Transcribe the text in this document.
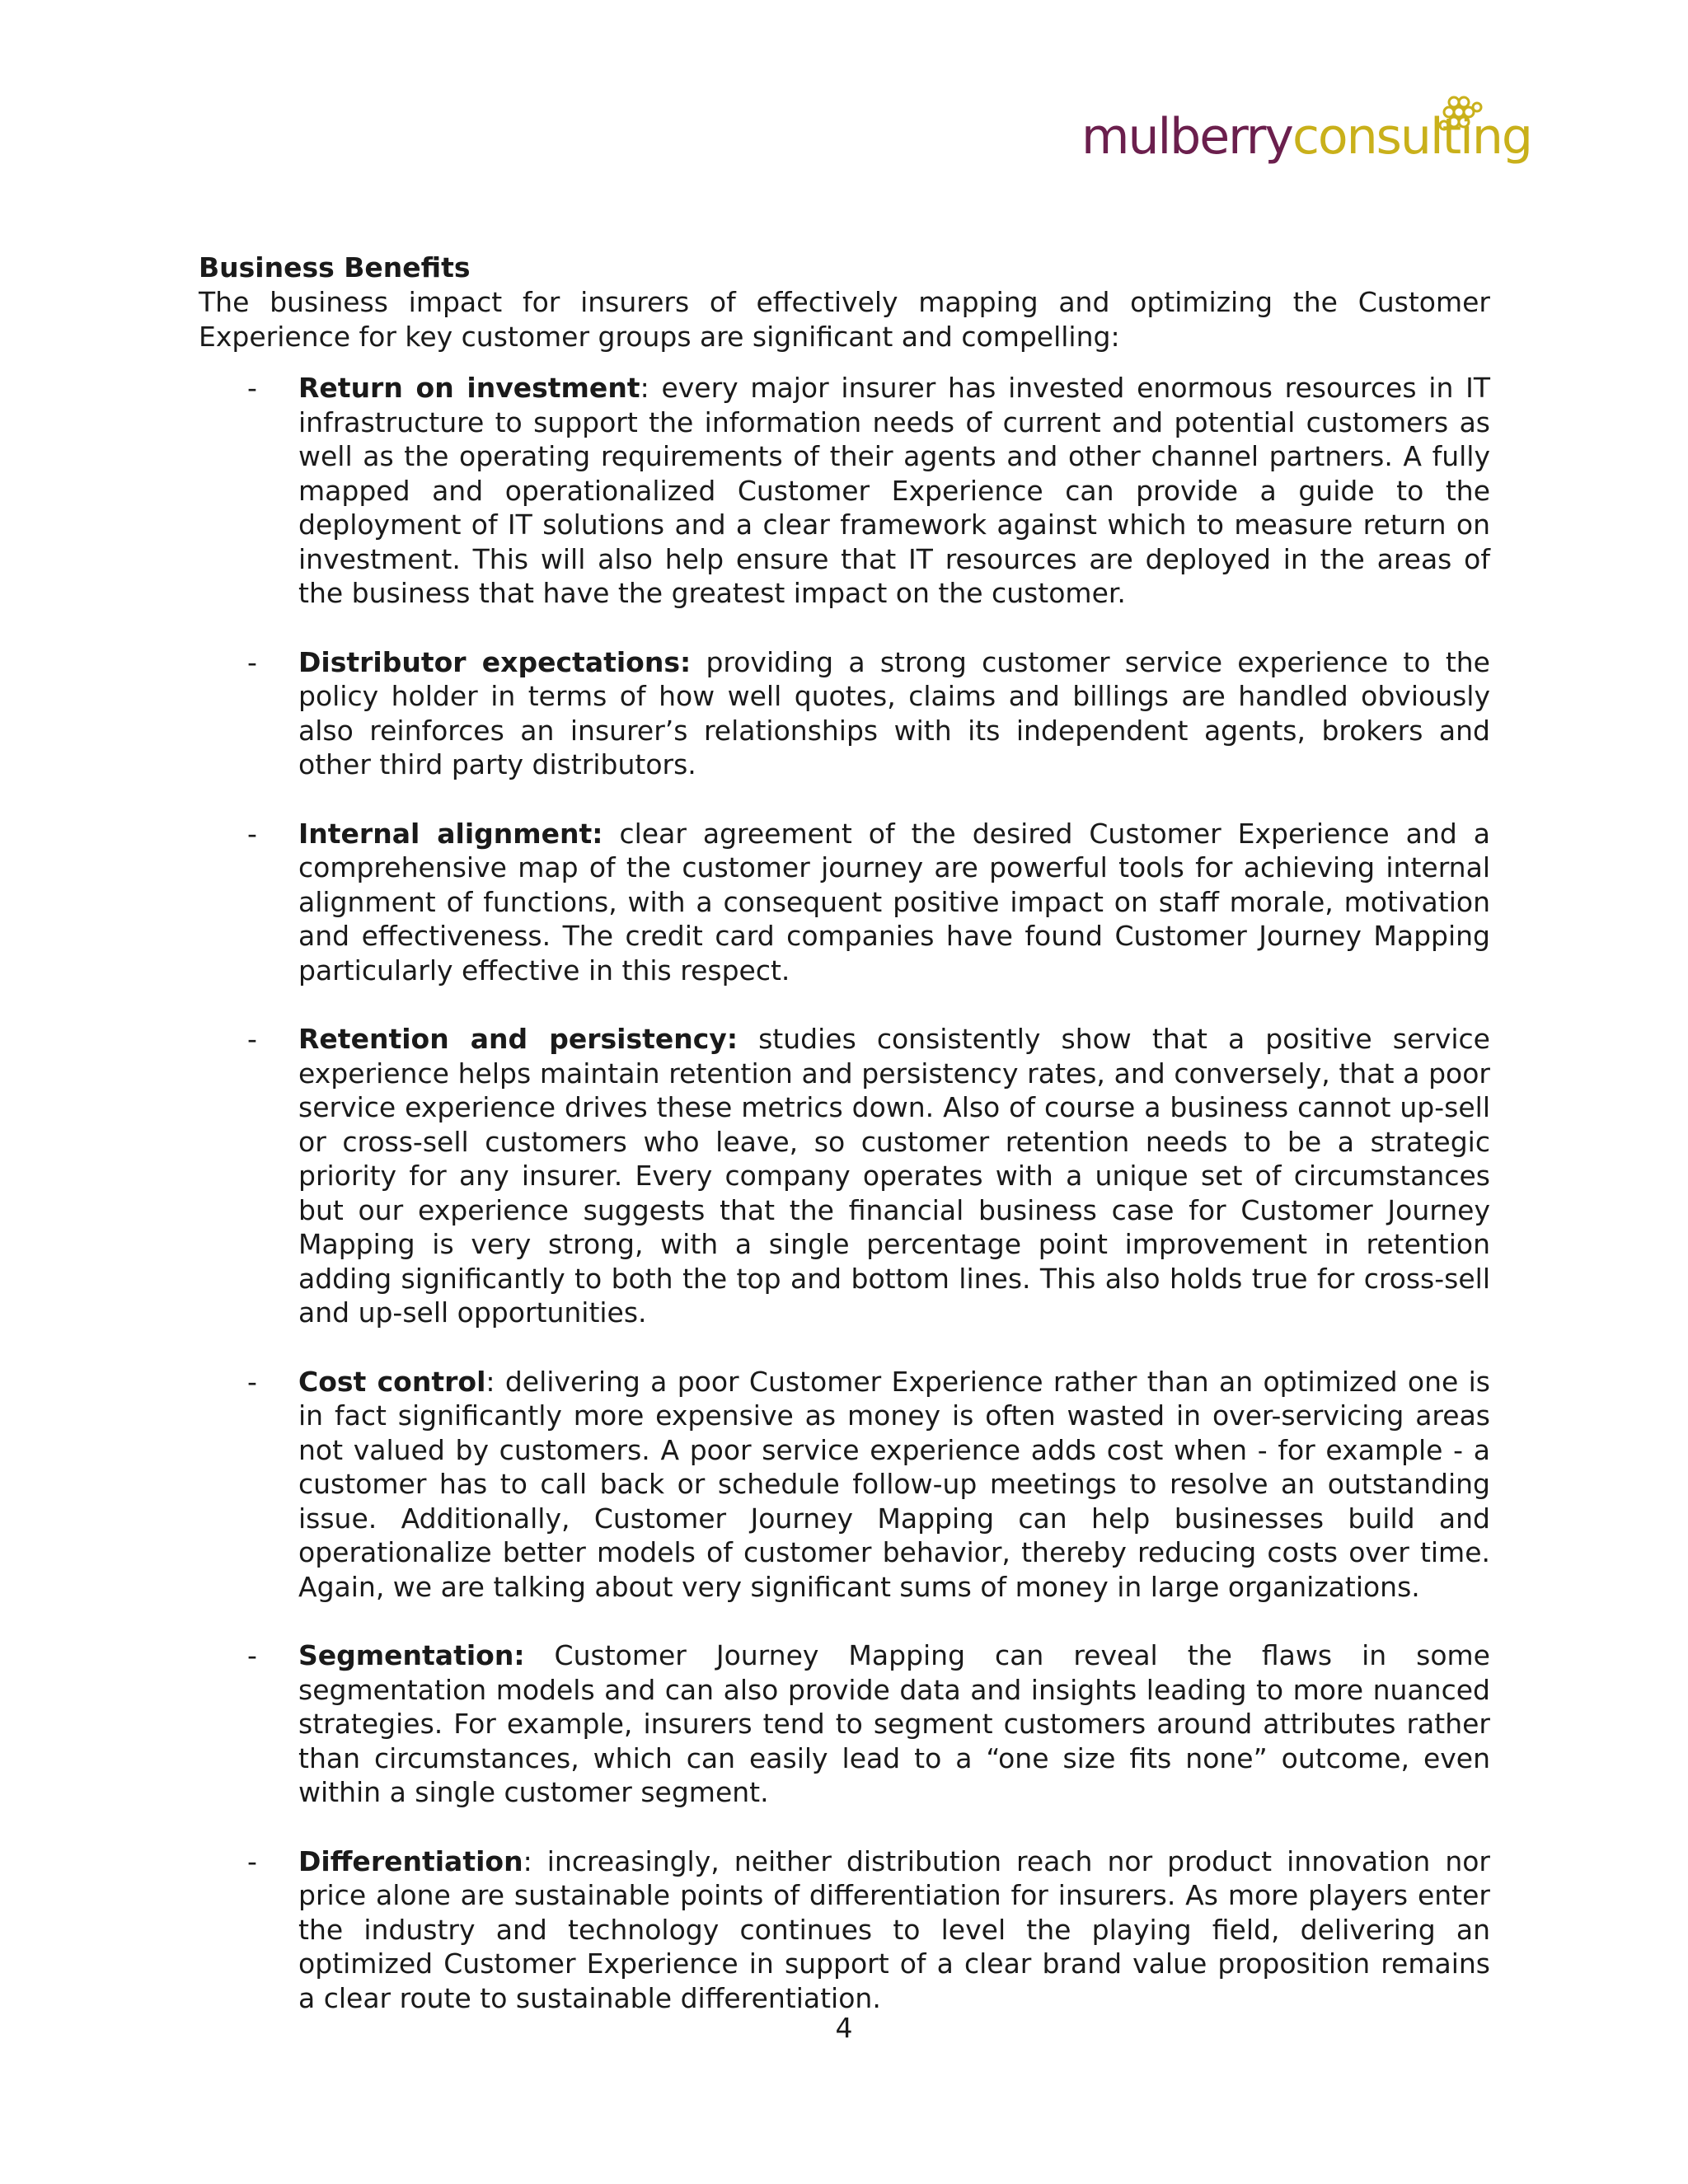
mulberryconsulting
Business Benefits

The business impact for insurers of effectively mapping and optimizing the Customer Experience for key customer groups are significant and compelling:

- Return on investment: every major insurer has invested enormous resources in IT infrastructure to support the information needs of current and potential customers as well as the operating requirements of their agents and other channel partners. A fully mapped and operationalized Customer Experience can provide a guide to the deployment of IT solutions and a clear framework against which to measure return on investment. This will also help ensure that IT resources are deployed in the areas of the business that have the greatest impact on the customer.
- Distributor expectations: providing a strong customer service experience to the policy holder in terms of how well quotes, claims and billings are handled obviously also reinforces an insurer’s relationships with its independent agents, brokers and other third party distributors.
- Internal alignment: clear agreement of the desired Customer Experience and a comprehensive map of the customer journey are powerful tools for achieving internal alignment of functions, with a consequent positive impact on staff morale, motivation and effectiveness. The credit card companies have found Customer Journey Mapping particularly effective in this respect.
- Retention and persistency: studies consistently show that a positive service experience helps maintain retention and persistency rates, and conversely, that a poor service experience drives these metrics down. Also of course a business cannot up-sell or cross-sell customers who leave, so customer retention needs to be a strategic priority for any insurer. Every company operates with a unique set of circumstances but our experience suggests that the financial business case for Customer Journey Mapping is very strong, with a single percentage point improvement in retention adding significantly to both the top and bottom lines. This also holds true for cross-sell and up-sell opportunities.
- Cost control: delivering a poor Customer Experience rather than an optimized one is in fact significantly more expensive as money is often wasted in over-servicing areas not valued by customers. A poor service experience adds cost when - for example - a customer has to call back or schedule follow-up meetings to resolve an outstanding issue. Additionally, Customer Journey Mapping can help businesses build and operationalize better models of customer behavior, thereby reducing costs over time. Again, we are talking about very significant sums of money in large organizations.
- Segmentation: Customer Journey Mapping can reveal the flaws in some segmentation models and can also provide data and insights leading to more nuanced strategies. For example, insurers tend to segment customers around attributes rather than circumstances, which can easily lead to a “one size fits none” outcome, even within a single customer segment.
- Differentiation: increasingly, neither distribution reach nor product innovation nor price alone are sustainable points of differentiation for insurers. As more players enter the industry and technology continues to level the playing field, delivering an optimized Customer Experience in support of a clear brand value proposition remains a clear route to sustainable differentiation.
4
